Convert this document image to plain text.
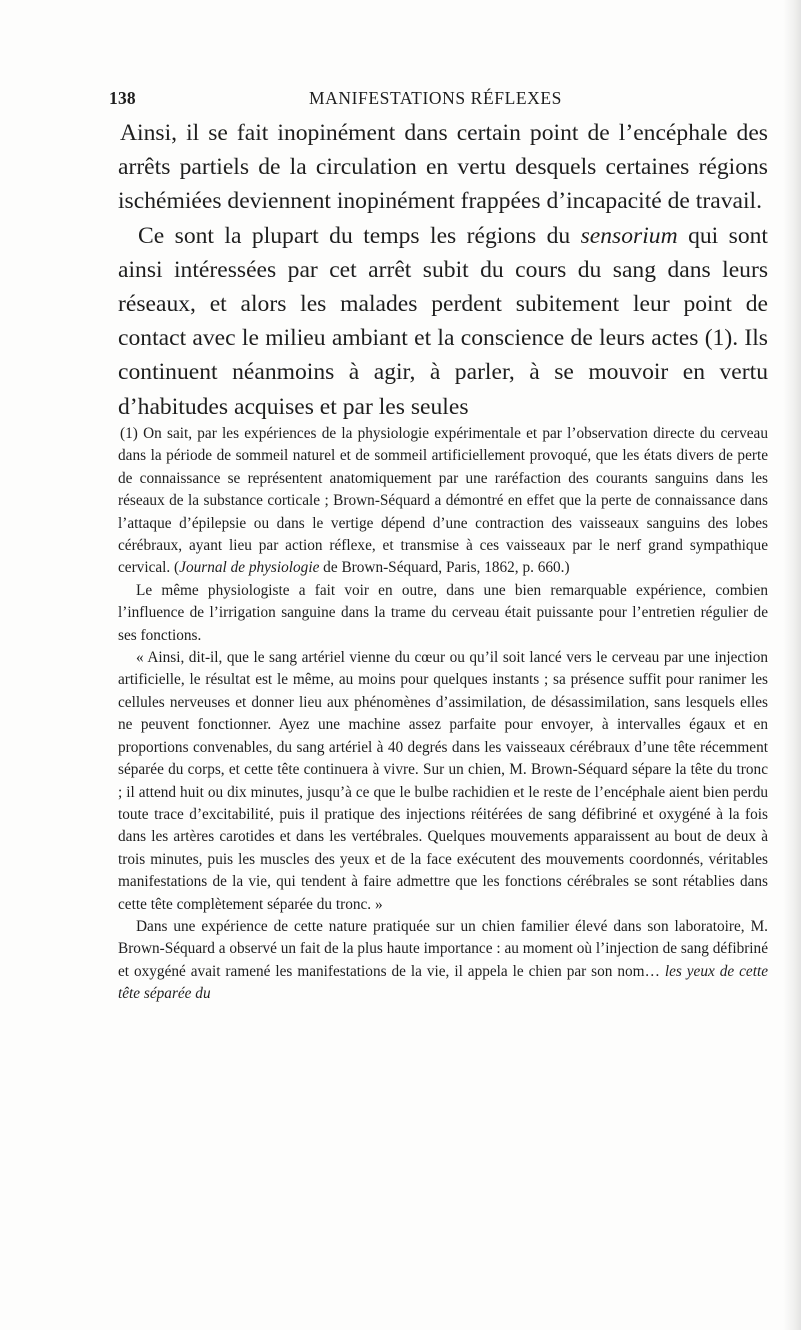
138	MANIFESTATIONS RÉFLEXES

Ainsi, il se fait inopinément dans certain point de l’encéphale des arrêts partiels de la circulation en vertu desquels certaines régions ischémiées deviennent inopinément frappées d’incapacité de travail.

Ce sont la plupart du temps les régions du sensorium qui sont ainsi intéressées par cet arrêt subit du cours du sang dans leurs réseaux, et alors les malades perdent subitement leur point de contact avec le milieu ambiant et la conscience de leurs actes (1). Ils continuent néanmoins à agir, à parler, à se mouvoir en vertu d’habitudes acquises et par les seules

(1) On sait, par les expériences de la physiologie expérimentale et par l’observation directe du cerveau dans la période de sommeil naturel et de sommeil artificiellement provoqué, que les états divers de perte de connaissance se représentent anatomiquement par une raréfaction des courants sanguins dans les réseaux de la substance corticale ; Brown-Séquard a démontré en effet que la perte de connaissance dans l’attaque d’épilepsie ou dans le vertige dépend d’une contraction des vaisseaux sanguins des lobes cérébraux, ayant lieu par action réflexe, et transmise à ces vaisseaux par le nerf grand sympathique cervical. (Journal de physiologie de Brown-Séquard, Paris, 1862, p. 660.)

Le même physiologiste a fait voir en outre, dans une bien remarquable expérience, combien l’influence de l’irrigation sanguine dans la trame du cerveau était puissante pour l’entretien régulier de ses fonctions.

« Ainsi, dit-il, que le sang artériel vienne du cœur ou qu’il soit lancé vers le cerveau par une injection artificielle, le résultat est le même, au moins pour quelques instants ; sa présence suffit pour ranimer les cellules nerveuses et donner lieu aux phénomènes d’assimilation, de désassimilation, sans lesquels elles ne peuvent fonctionner. Ayez une machine assez parfaite pour envoyer, à intervalles égaux et en proportions convenables, du sang artériel à 40 degrés dans les vaisseaux cérébraux d’une tête récemment séparée du corps, et cette tête continuera à vivre. Sur un chien, M. Brown-Séquard sépare la tête du tronc ; il attend huit ou dix minutes, jusqu’à ce que le bulbe rachidien et le reste de l’encéphale aient bien perdu toute trace d’excitabilité, puis il pratique des injections réitérées de sang défibriné et oxygéné à la fois dans les artères carotides et dans les vertébrales. Quelques mouvements apparaissent au bout de deux à trois minutes, puis les muscles des yeux et de la face exécutent des mouvements coordonnés, véritables manifestations de la vie, qui tendent à faire admettre que les fonctions cérébrales se sont rétablies dans cette tête complètement séparée du tronc. »

Dans une expérience de cette nature pratiquée sur un chien familier élevé dans son laboratoire, M. Brown-Séquard a observé un fait de la plus haute importance : au moment où l’injection de sang défibriné et oxygéné avait ramené les manifestations de la vie, il appela le chien par son nom… les yeux de cette tête séparée du
